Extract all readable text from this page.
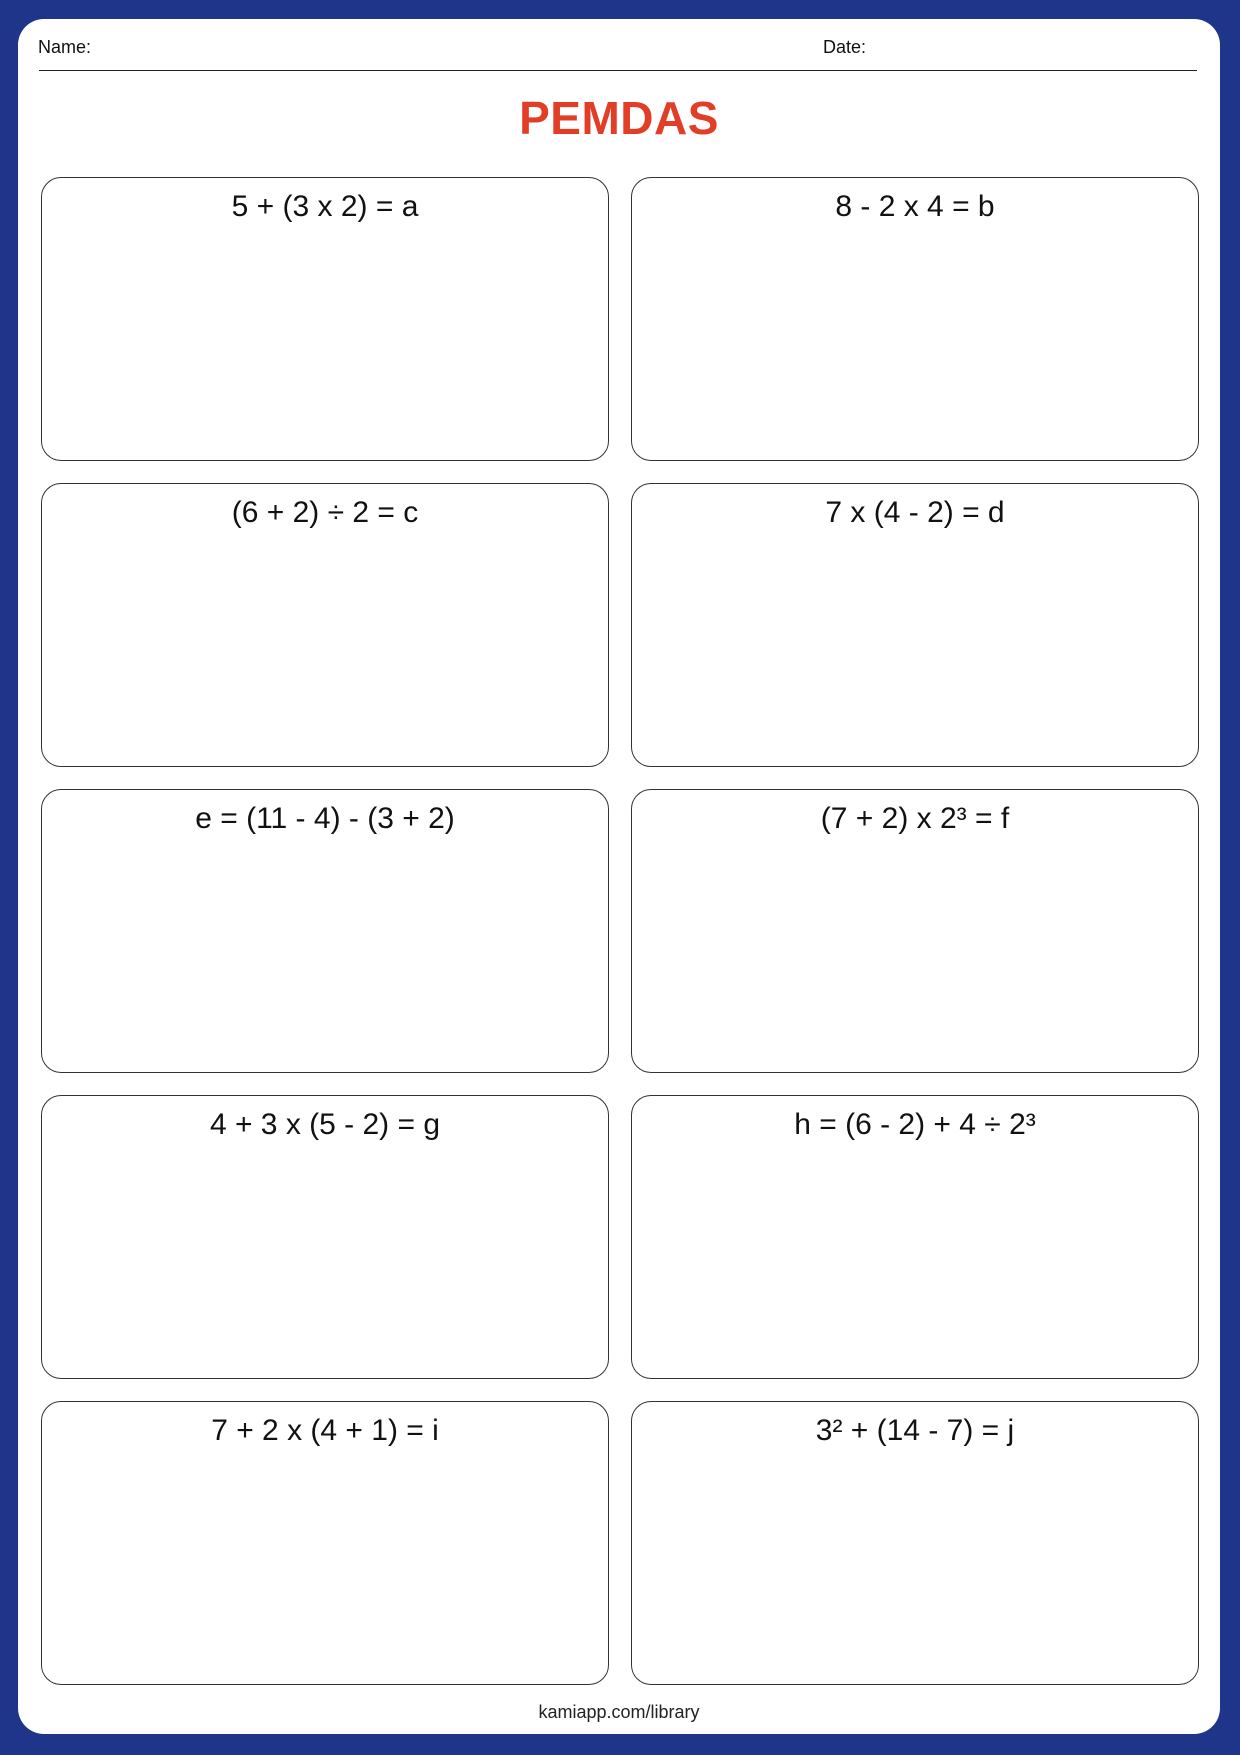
Name:	Date:
PEMDAS
5 + (3 x 2) = a	8 - 2 x 4 = b
(6 + 2) ÷ 2 = c	7 x (4 - 2) = d
e = (11 - 4) - (3 + 2)	(7 + 2) x 2³ = f
4 + 3 x (5 - 2) = g	h = (6 - 2) + 4 ÷ 2³
7 + 2 x (4 + 1) = i	3² + (14 - 7) = j
kamiapp.com/library
